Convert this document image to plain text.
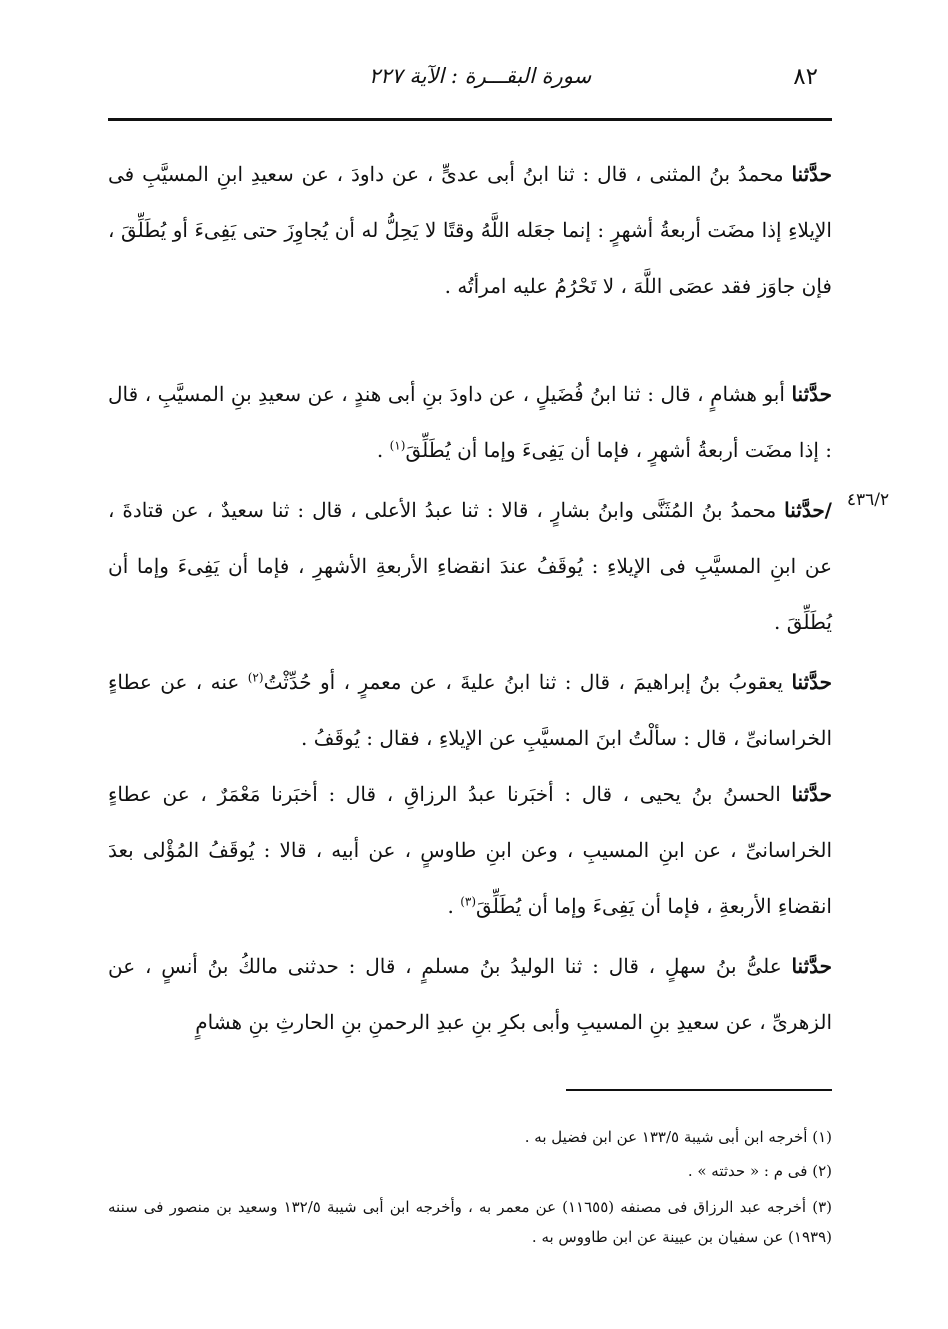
٨٢
سورة البقـــرة : الآية ٢٢٧
حدَّثنا محمدُ بنُ المثنى ، قال : ثنا ابنُ أبى عدىٍّ ، عن داودَ ، عن سعيدِ ابنِ المسيَّبِ فى الإيلاءِ إذا مضَت أربعةُ أشهرٍ : إنما جعَله اللَّهُ وقتًا لا يَحِلُّ له أن يُجاوِزَ حتى يَفِىءَ أو يُطَلِّقَ ، فإن جاوَز فقد عصَى اللَّهَ ، لا تَحْرُمُ عليه امرأتُه .
حدَّثنا أبو هشامٍ ، قال : ثنا ابنُ فُضَيلٍ ، عن داودَ بنِ أبى هندٍ ، عن سعيدِ بنِ المسيَّبِ ، قال : إذا مضَت أربعةُ أشهرٍ ، فإما أن يَفِىءَ وإما أن يُطَلِّقَ$^{(١)}$ .
٤٣٦/٢
/حدَّثنا محمدُ بنُ المُثَنَّى وابنُ بشارٍ ، قالا : ثنا عبدُ الأعلى ، قال : ثنا سعيدٌ ، عن قتادةَ ، عن ابنِ المسيَّبِ فى الإيلاءِ : يُوقَفُ عندَ انقضاءِ الأربعةِ الأشهرِ ، فإما أن يَفِىءَ وإما أن يُطَلِّقَ .
حدَّثنا يعقوبُ بنُ إبراهيمَ ، قال : ثنا ابنُ عليةَ ، عن معمرٍ ، أو حُدِّثْتُ$^{(٢)}$ عنه ، عن عطاءٍ الخراسانىِّ ، قال : سألْتُ ابنَ المسيَّبِ عن الإيلاءِ ، فقال : يُوقَفُ .
حدَّثنا الحسنُ بنُ يحيى ، قال : أخبَرنا عبدُ الرزاقِ ، قال : أخبَرنا مَعْمَرٌ ، عن عطاءٍ الخراسانىِّ ، عن ابنِ المسيبِ ، وعن ابنِ طاوسٍ ، عن أبيه ، قالا : يُوقَفُ المُؤْلى بعدَ انقضاءِ الأربعةِ ، فإما أن يَفِىءَ وإما أن يُطَلِّقَ$^{(٣)}$ .
حدَّثنا علىُّ بنُ سهلٍ ، قال : ثنا الوليدُ بنُ مسلمٍ ، قال : حدثنى مالكُ بنُ أنسٍ ، عن الزهرىِّ ، عن سعيدِ بنِ المسيبِ وأبى بكرِ بنِ عبدِ الرحمنِ بنِ الحارثِ بنِ هشامٍ
(١) أخرجه ابن أبى شيبة ١٣٣/٥ عن ابن فضيل به .
(٢) فى م : « حدثته » .
(٣) أخرجه عبد الرزاق فى مصنفه (١١٦٥٥) عن معمر به ، وأخرجه ابن أبى شيبة ١٣٢/٥ وسعيد بن منصور فى سننه (١٩٣٩) عن سفيان بن عيينة عن ابن طاووس به .
